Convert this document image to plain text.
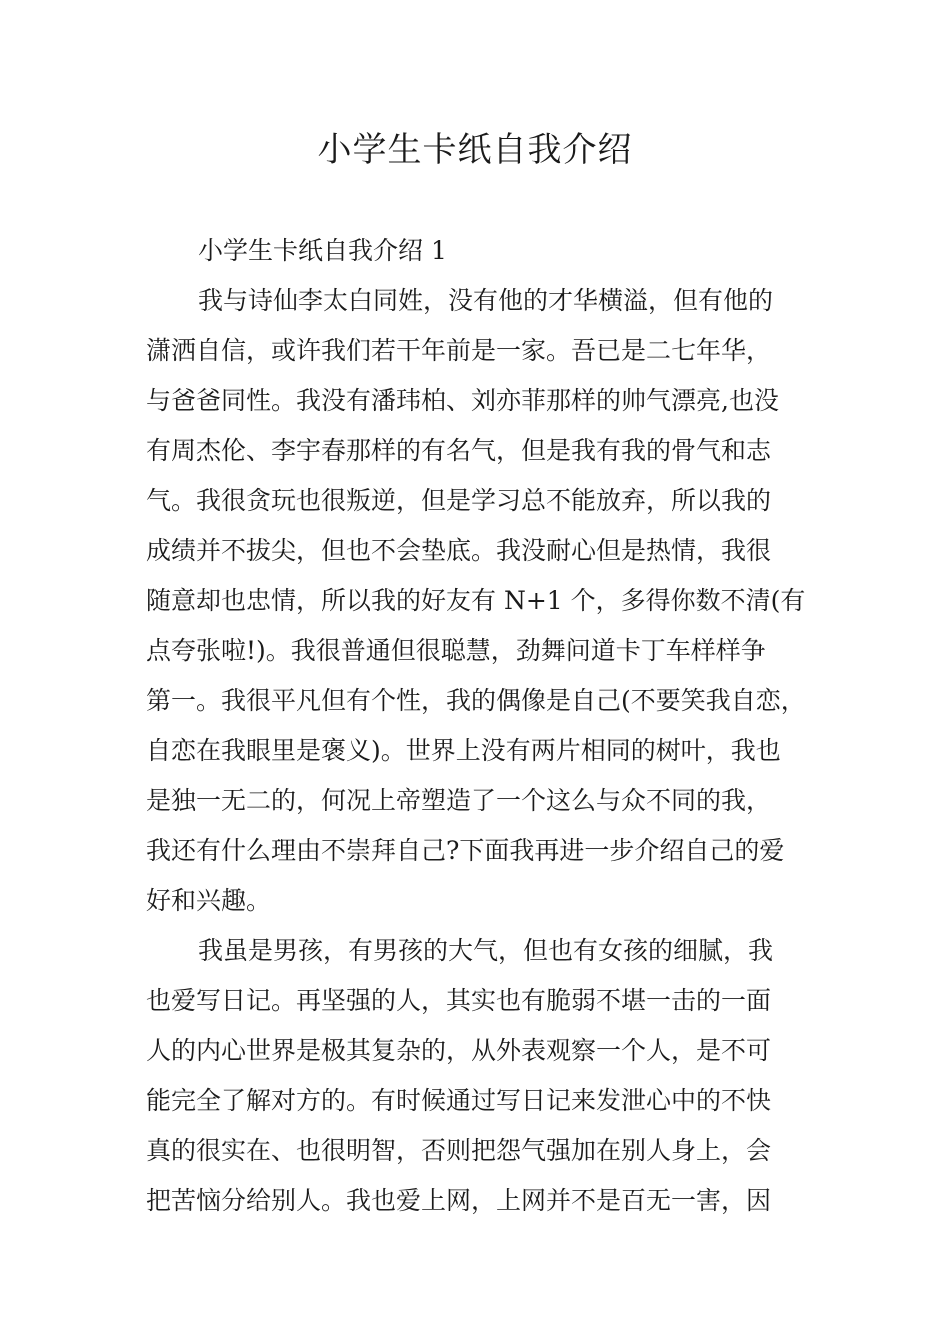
小学生卡纸自我介绍
小学生卡纸自我介绍 1
我与诗仙李太白同姓，没有他的才华横溢，但有他的
潇洒自信，或许我们若干年前是一家。吾已是二七年华，
与爸爸同性。我没有潘玮柏、刘亦菲那样的帅气漂亮,也没
有周杰伦、李宇春那样的有名气，但是我有我的骨气和志
气。我很贪玩也很叛逆，但是学习总不能放弃，所以我的
成绩并不拔尖，但也不会垫底。我没耐心但是热情，我很
随意却也忠情，所以我的好友有 N+1 个，多得你数不清(有
点夸张啦!)。我很普通但很聪慧，劲舞问道卡丁车样样争
第一。我很平凡但有个性，我的偶像是自己(不要笑我自恋，
自恋在我眼里是褒义)。世界上没有两片相同的树叶，我也
是独一无二的，何况上帝塑造了一个这么与众不同的我，
我还有什么理由不崇拜自己?下面我再进一步介绍自己的爱
好和兴趣。
我虽是男孩，有男孩的大气，但也有女孩的细腻，我
也爱写日记。再坚强的人，其实也有脆弱不堪一击的一面
人的内心世界是极其复杂的，从外表观察一个人，是不可
能完全了解对方的。有时候通过写日记来发泄心中的不快
真的很实在、也很明智，否则把怨气强加在别人身上，会
把苦恼分给别人。我也爱上网，上网并不是百无一害，因
